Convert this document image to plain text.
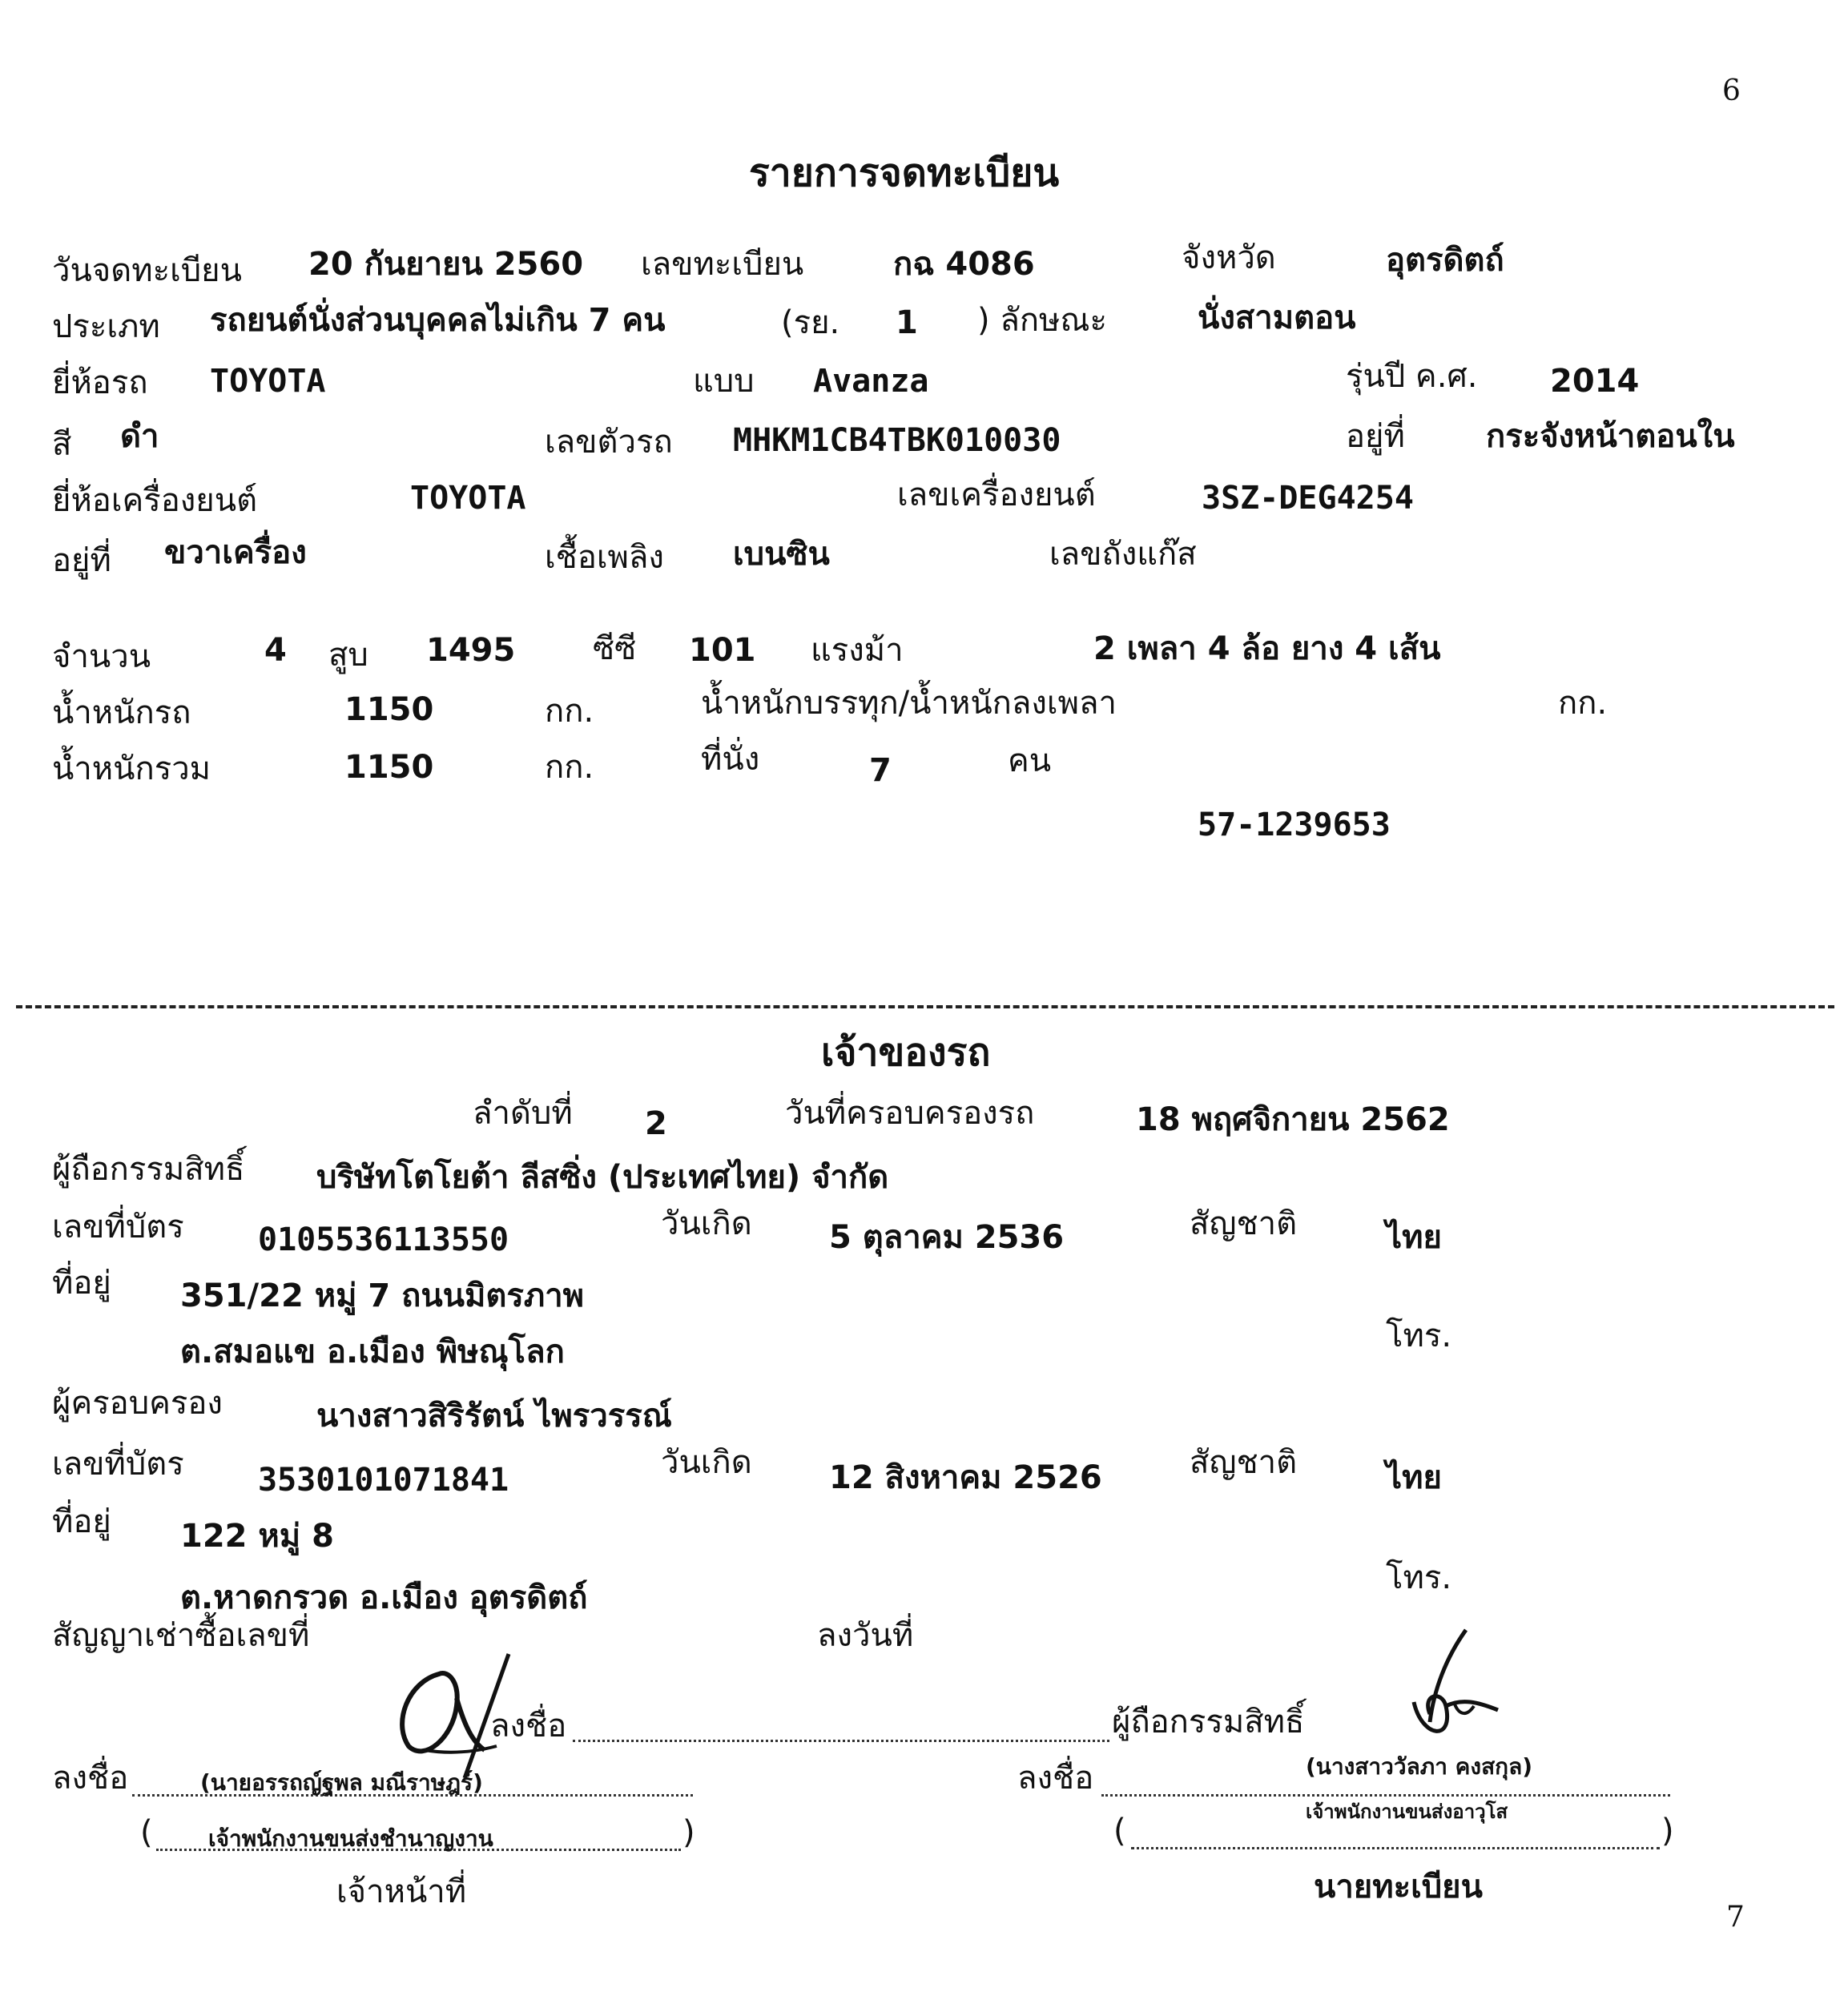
6
7
รายการจดทะเบียน
วันจดทะเบียน 20 กันยายน 2560 เลขทะเบียน	กฉ 4086	จังหวัด	อุตรดิตถ์
ประเภท รถยนต์นั่งส่วนบุคคลไม่เกิน 7 คน	(รย. 1 ) ลักษณะ	นั่งสามตอน
ยี่ห้อรถ TOYOTA	แบบ Avanza	รุ่นปี ค.ศ. 2014
สี ดำ	เลขตัวรถ MHKM1CB4TBK010030	อยู่ที่	กระจังหน้าตอนใน
ยี่ห้อเครื่องยนต์	TOYOTA	เลขเครื่องยนต์	3SZ-DEG4254
อยู่ที่ ขวาเครื่อง	เชื้อเพลิง เบนซิน	เลขถังแก๊ส
จำนวน	4 สูบ 1495 ซีซี 101 แรงม้า	2 เพลา 4 ล้อ ยาง 4 เส้น
น้ำหนักรถ	1150	กก.	น้ำหนักบรรทุก/น้ำหนักลงเพลา	กก.
น้ำหนักรวม	1150	กก.	ที่นั่ง	7	คน
57-1239653
เจ้าของรถ
ลำดับที่ 2	วันที่ครอบครองรถ	18 พฤศจิกายน 2562
ผู้ถือกรรมสิทธิ์ บริษัทโตโยต้า ลีสซิ่ง (ประเทศไทย) จำกัด
เลขที่บัตร 0105536113550	วันเกิด 5 ตุลาคม 2536	สัญชาติ	ไทย
ที่อยู่ 351/22 หมู่ 7 ถนนมิตรภาพ
ต.สมอแข อ.เมือง พิษณุโลก	โทร.
ผู้ครอบครอง	นางสาวสิริรัตน์ ไพรวรรณ์
เลขที่บัตร 3530101071841	วันเกิด 12 สิงหาคม 2526	สัญชาติ	ไทย
ที่อยู่ 122 หมู่ 8
ต.หาดกรวด อ.เมือง อุตรดิตถ์
โทร.
สัญญาเช่าซื้อเลขที่	ลงวันที่
ลงชื่อ	ผู้ถือกรรมสิทธิ์
ลงชื่อ	(นายอรรถญ์ฐพล มณีราษฎร์)
(	)
เจ้าพนักงานขนส่งชำนาญงาน
เจ้าหน้าที่
ลงชื่อ	(นางสาววัลภา คงสกุล)
(	)
เจ้าพนักงานขนส่งอาวุโส
นายทะเบียน
